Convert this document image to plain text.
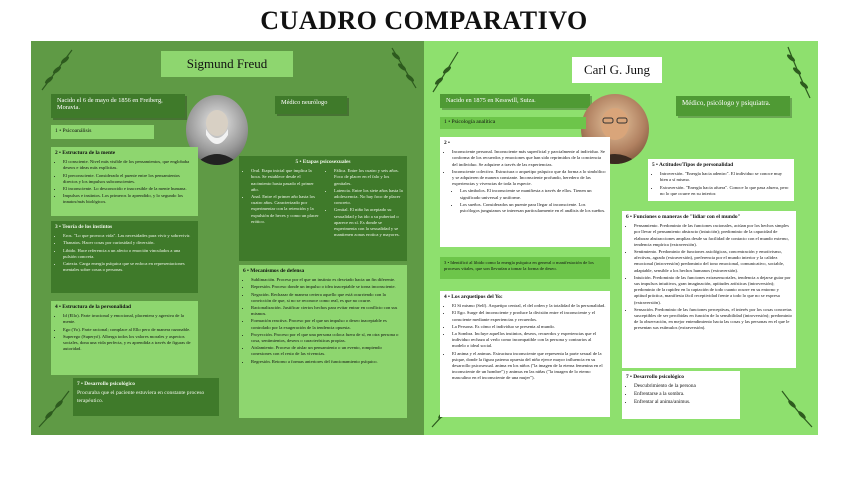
CUADRO COMPARATIVO
Sigmund Freud
Nacido el 6 de mayo de 1856 en Freiberg, Moravia.
Médico neurólogo
1 • Psicoanálisis
2 • Estructura de la mente
• El consciente. Nivel más visible de los pensamientos, que englobaba deseos e ideas más explícitas.
• El preconsciente. Considerado el puente entre los pensamientos directos y los impulsos subconscientes.
• El inconsciente. Lo desconocido e inaccesible de la mente humana.
• Impulsos e instintos. Los primeros lo aprendido, y lo segundo los innatos/más biológicos.
3 • Teoría de los instintos
• Eros. "Lo que provoca vida". Las necesidades para vivir y sobrevivir.
• Thanatos. Hacer cosas por curiosidad y diversión.
• Libido. Hace referencia a un afecto o emoción vinculados a una pulsión concreta.
• Catexia. Carga energía psíquica que se enfoca en representaciones mentales sobre cosas o personas.
4 • Estructura de la personalidad
• Id (Ello). Parte irracional y emocional, placentera y agresiva de la mente.
• Ego (Yo). Parte racional; complace al Ello pero de manera razonable.
• Superego (Superyó). Alberga todos los valores morales y aspectos sociales, dona una vida perfecta, y es aprendida a través de figuras de autoridad.
7 • Desarrollo psicológico
Procuraba que el paciente estuviera en constante proceso terapéutico.
5 • Etapas psicosexuales
• Oral. Etapa inicial que implica la boca. Se establece desde el nacimiento hasta pasado el primer año.
• Anal. Entre el primer año hasta los cuatro años. Caracterizado por experimentar con la retención y la expulsión de heces y como un placer erótico.
• Fálica. Entre los cuatro y seis años. Foco de placer en el falo y los genitales.
• Latencia. Entre los siete años hasta la adolescencia. No hay foco de placer concreto.
• Genital. El niño ha aceptado su sexualidad y ha ido a su pubertad o aparece en sí. Es donde se experimenta con la sexualidad y se mantienen zonas erotica y mayores.
6 • Mecanismos de defensa
• Sublimación. Proceso por el que un instinto es desviado hacia un fin diferente.
• Represión. Proceso donde un impulso o idea inaceptable se torna inconsciente.
• Negación. Rechazar de manera certera aquello que está ocurriendo con la convicción de que, si no se reconoce como real, es que no ocurre.
• Racionalización. Justificar ciertos hechos para evitar entrar en conflicto con sus mismos.
• Formación reactiva. Proceso por el que un impulso o deseo inaceptable es controlado por la exageración de la tendencia opuesta.
• Proyección. Proceso por el que una persona coloca fuera de sí, en otra persona o cosa, sentimientos, deseos o características propias.
• Aislamiento. Proceso de aislar un pensamiento o un evento, rompiendo conexiones con el resto de las vivencias.
• Regresión. Retorno a formas anteriores del funcionamiento psíquico.
Carl G. Jung
Nacido en 1875 en Kesswill, Suiza.	Médico, psicólogo y psiquiatra.
1 • Psicología analítica
2 •
• Inconsciente personal. Inconsciente más superficial y parcialmente al individuo. Se conforma de los recuerdos y emociones que han sido reprimidos de la conciencia del individuo. Se adquiere a través de las experiencias.
• Inconsciente colectivo. Estructura o arquetipo psíquico que da forma a lo simbólico y se adquieren de manera constante. Inconsciente profundo, heredero de las experiencias y vivencias de toda la especie.
• Los símbolos. El inconsciente se manifiesta a través de ellos. Tienen un significado universal y uniforme.
• Los sueños. Considerados un puente para llegar al inconsciente. Los psicólogos junguianos se interesan particularmente en el análisis de los sueños.
3 • Identificó al libido como la energía psíquica en general o manifestación de los procesos vitales, que son llevarían a tomar la forma de deseo.
4 • Los arquetipos del Yo:
• El Sí mismo (Self). Arquetipo central, el del orden y la totalidad de la personalidad.
• El Ego. Surge del inconsciente y produce la división entre el inconsciente y el consciente mediante experiencias y recuerdos.
• La Persona. Es cómo el individuo se presenta al mundo.
• La Sombra. Incluye aquellos instintos, deseos, recuerdos y experiencias que el individuo rechaza al verlo como incompatible con la persona y contrarios al modelo o ideal social.
• El anima y el animus. Estructura inconsciente que representa la parte sexual de la psique, donde la figura paterna opuesta del niño ejerce mayor influencia en su desarrollo psicosexual. anima en los niños ("la imagen de la eterna femenina en el inconsciente de un hombre") y animus en las niñas ("la imagen de lo eterno masculino en el inconsciente de una mujer").
5 • Actitudes/Tipos de personalidad
• Introversión. "Energía hacia adentro". El individuo se conoce muy bien a sí mismo.
• Extraversión. "Energía hacia afuera". Conoce lo que pasa afuera, pero no lo que ocurre en su interior.
6 • Funciones o maneras de "lidiar con el mundo"
• Pensamiento. Predominio de las funciones racionales, actúan por los hechos simples por llevar el pensamiento abstracto (intuición); predominio de la capacidad de elaborar abstracciones amplias desde su facilidad de contacto con el mundo externo, tendencia empírica (extraversión).
• Sentimiento. Predominio de funciones axiológicas, concentración y emotivismo, afectivas, agrado (extraversión), preferencia por el mundo interior y la calidez emocional (introversión) predominio del tono emocional, comunicativo, sociable, adaptable, sensible a los hechos humanos (extraversión).
• Intuición. Predominio de las funciones extrasensoriales, tendencia a dejarse guiar por sus impulsos intuitivos, gran imaginación, aptitudes artísticas (introversión); predominio de la rapidez en la captación de todo cuanto ocurre en su entorno y aptitud práctica, manifiesta fácil receptividad frente a todo lo que no se expresa (extraversión).
• Sensación. Predominio de las funciones perceptivas, el interés por los cosas concretas susceptibles de ser percibidas en función de la sensibilidad (introversión); predominio de la observación, en mejor entendimiento hacia las cosas y las personas en el que le presentan sus estímulos (extraversión).
7 • Desarrollo psicológico
• Descubrimiento de la persona
• Enfrentarse a la sombra.
• Enfrentar al anima/animus.
